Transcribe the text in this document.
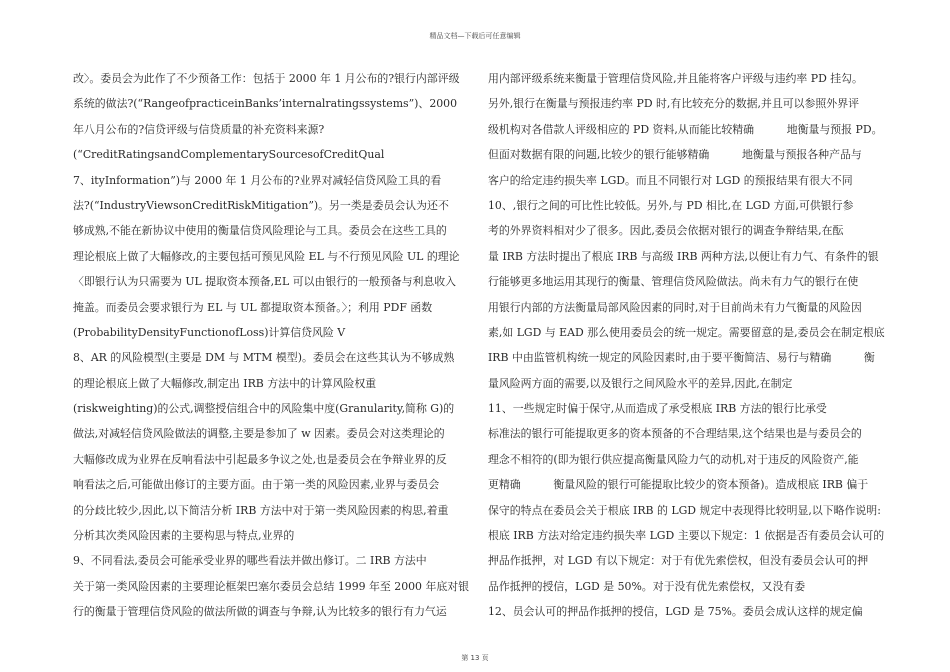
精品文档—下载后可任意编辑
改〉。委员会为此作了不少预备工作：包括于 2000 年 1 月公布的?银行内部评级
系统的做法?(“RangeofpracticeinBanks’internalratingssystems”)、2000
年八月公布的?信贷评级与信贷质量的补充资料来源?
(“CreditRatingsandComplementarySourcesofCreditQual
7、ityInformation”)与 2000 年 1 月公布的?业界对减轻信贷风险工具的看
法?(“IndustryViewsonCreditRiskMitigation”)。另一类是委员会认为还不
够成熟,不能在新协议中使用的衡量信贷风险理论与工具。委员会在这些工具的
理论根底上做了大幅修改,的主要包括可预见风险 EL 与不行预见风险 UL 的理论
〈即银行认为只需要为 UL 提取资本预备,EL 可以由银行的一般预备与利息收入
掩盖。而委员会要求银行为 EL 与 UL 都提取资本预备。〉；利用 PDF 函数
(ProbabilityDensityFunctionofLoss)计算信贷风险 V
8、AR 的风险模型(主要是 DM 与 MTM 模型)。委员会在这些其认为不够成熟
的理论根底上做了大幅修改,制定出 IRB 方法中的计算风险权重
(riskweighting)的公式,调整授信组合中的风险集中度(Granularity,简称 G)的
做法,对减轻信贷风险做法的调整,主要是参加了 w 因素。委员会对这类理论的
大幅修改成为业界在反响看法中引起最多争议之处,也是委员会在争辩业界的反
响看法之后,可能做出修订的主要方面。由于第一类的风险因素,业界与委员会
的分歧比较少,因此,以下简洁分析 IRB 方法中对于第一类风险因素的构思,着重
分析其次类风险因素的主要构思与特点,业界的
9、不同看法,委员会可能承受业界的哪些看法并做出修订。二 IRB 方法中
关于第一类风险因素的主要理论框架巴塞尔委员会总结 1999 年至 2000 年底对银
行的衡量于管理信贷风险的做法所做的调查与争辩,认为比较多的银行有力气运
用内部评级系统来衡量于管理信贷风险,并且能将客户评级与违约率 PD 挂勾。
另外,银行在衡量与预报违约率 PD 时,有比较充分的数据,并且可以参照外界评
级机构对各借款人评级相应的 PD 资料,从而能比较精确　　　地衡量与预报 PD。
但面对数据有限的问题,比较少的银行能够精确　　　地衡量与预报各种产品与
客户的给定违约损失率 LGD。而且不同银行对 LGD 的预报结果有很大不同
10、,银行之间的可比性比较低。另外,与 PD 相比,在 LGD 方面,可供银行参
考的外界资料相对少了很多。因此,委员会依据对银行的调查争辩结果,在酝
量 IRB 方法时提出了根底 IRB 与高级 IRB 两种方法,以便让有力气、有条件的银
行能够更多地运用其现行的衡量、管理信贷风险做法。尚未有力气的银行在使
用银行内部的方法衡量局部风险因素的同时,对于目前尚未有力气衡量的风险因
素,如 LGD 与 EAD 那么使用委员会的统一规定。需要留意的是,委员会在制定根底
IRB 中由监管机构统一规定的风险因素时,由于要平衡简洁、易行与精确　　　衡
量风险两方面的需要,以及银行之间风险水平的差异,因此,在制定
11、一些规定时偏于保守,从而造成了承受根底 IRB 方法的银行比承受
标准法的银行可能提取更多的资本预备的不合理结果,这个结果也是与委员会的
理念不相符的(即为银行供应提高衡量风险力气的动机,对于违反的风险资产,能
更精确　　　衡量风险的银行可能提取比较少的资本预备)。造成根底 IRB 偏于
保守的特点在委员会关于根底 IRB 的 LGD 规定中表现得比较明显,以下略作说明:
根底 IRB 方法对给定违约损失率 LGD 主要以下规定：1 依据是否有委员会认可的
押品作抵押，对 LGD 有以下规定：对于有优先索偿权，但没有委员会认可的押
品作抵押的授信，LGD 是 50%。对于没有优先索偿权，又没有委
12、员会认可的押品作抵押的授信，LGD 是 75%。委员会成认这样的规定偏
第 13 页
